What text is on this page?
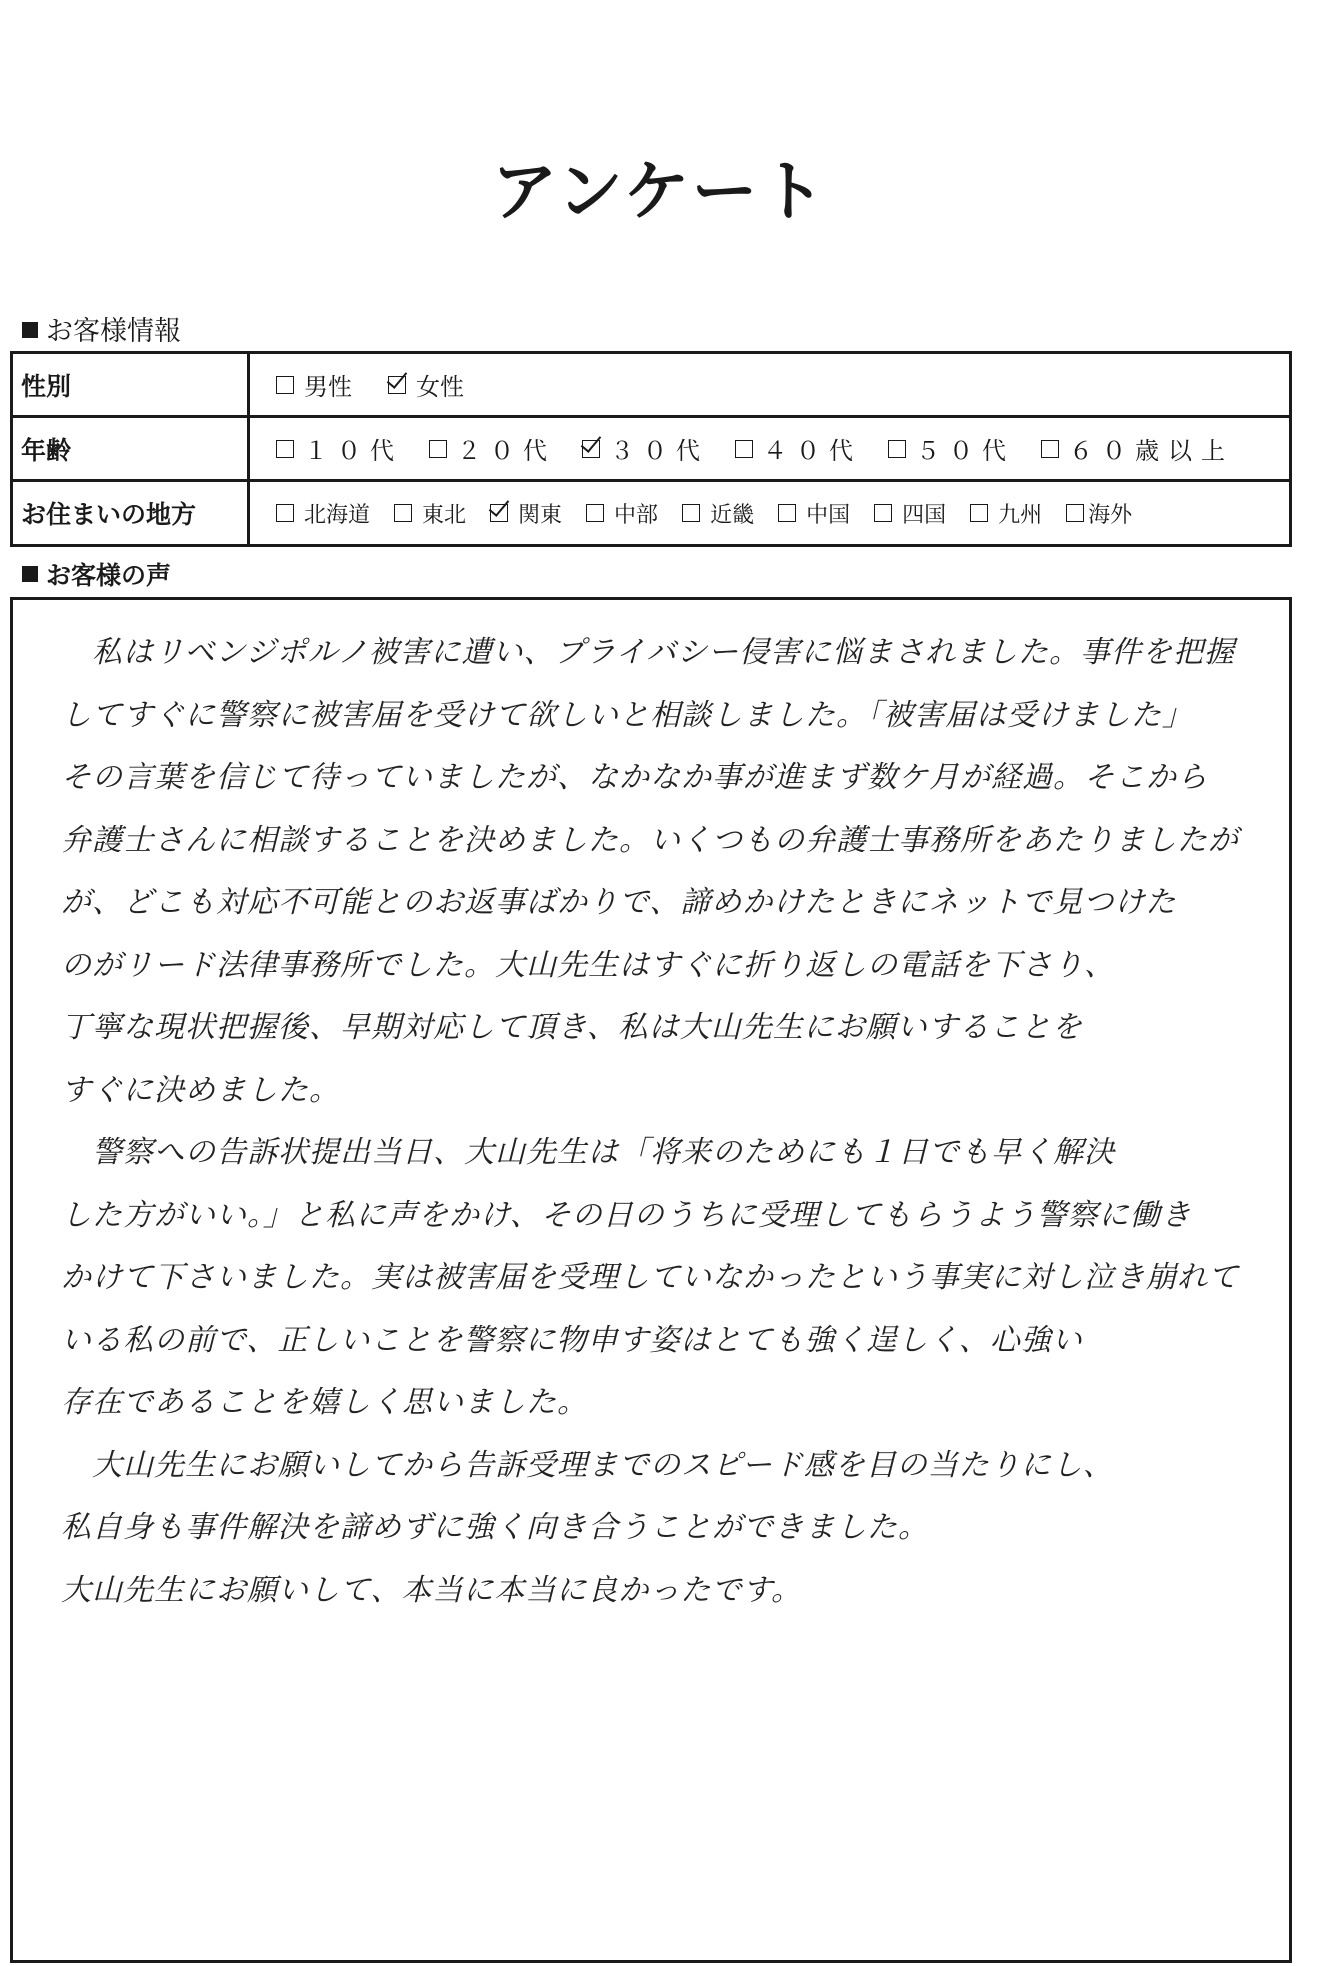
アンケート
お客様情報
性別	男性	女性
年齢	１０代 ２０代 ３０代 ４０代 ５０代 ６０歳以上
お住まいの地方	北海道 東北 関東 中部 近畿 中国 四国 九州 海外
お客様の声
　私はリベンジポルノ被害に遭い、プライバシー侵害に悩まされました。事件を把握
してすぐに警察に被害届を受けて欲しいと相談しました。「被害届は受けました」
その言葉を信じて待っていましたが、なかなか事が進まず数ケ月が経過。そこから
弁護士さんに相談することを決めました。いくつもの弁護士事務所をあたりましたが
が、どこも対応不可能とのお返事ばかりで、諦めかけたときにネットで見つけた
のがリード法律事務所でした。大山先生はすぐに折り返しの電話を下さり、
丁寧な現状把握後、早期対応して頂き、私は大山先生にお願いすることを
すぐに決めました。
　警察への告訴状提出当日、大山先生は「将来のためにも１日でも早く解決
した方がいい。」と私に声をかけ、その日のうちに受理してもらうよう警察に働き
かけて下さいました。実は被害届を受理していなかったという事実に対し泣き崩れて
いる私の前で、正しいことを警察に物申す姿はとても強く逞しく、心強い
存在であることを嬉しく思いました。
　大山先生にお願いしてから告訴受理までのスピード感を目の当たりにし、
私自身も事件解決を諦めずに強く向き合うことができました。
大山先生にお願いして、本当に本当に良かったです。
